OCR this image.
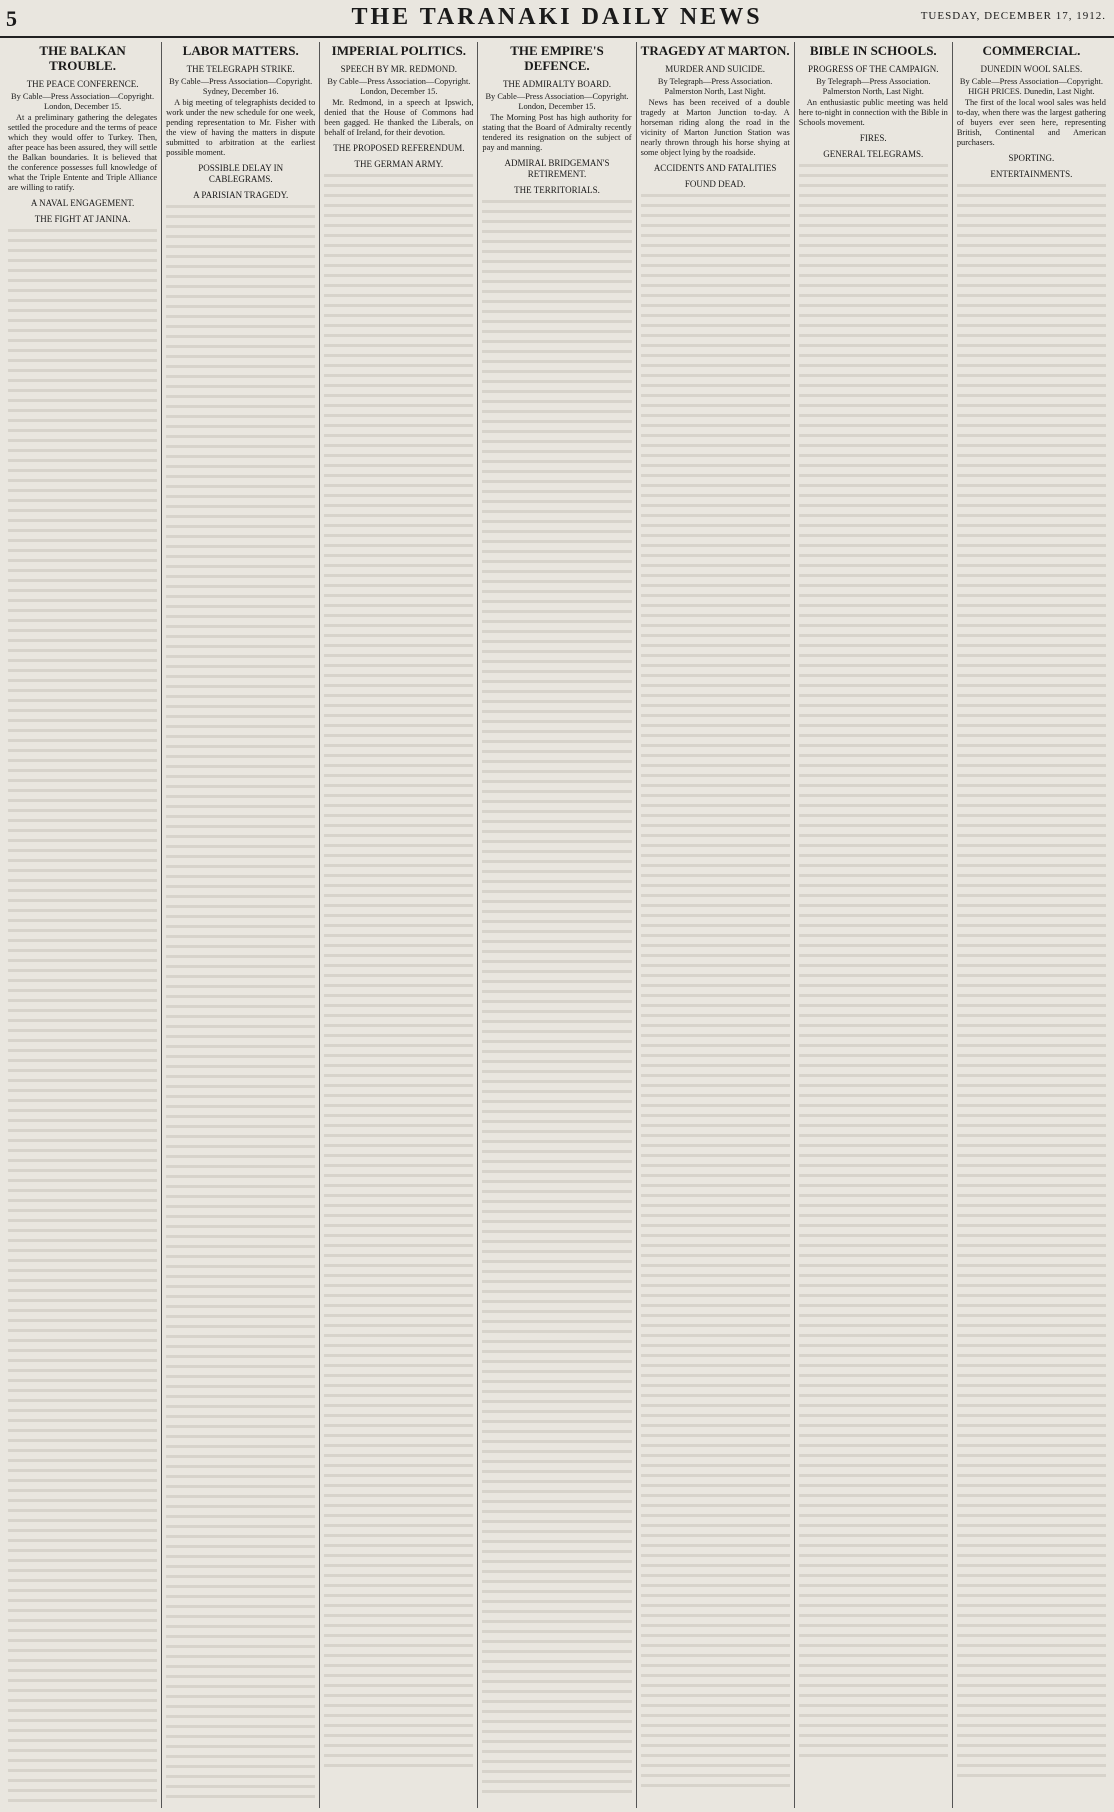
5	THE TARANAKI DAILY NEWS	TUESDAY, DECEMBER 17, 1912.
THE BALKAN TROUBLE.
THE PEACE CONFERENCE.
By Cable—Press Association—Copyright. London, December 15.
At a preliminary gathering the delegates settled the procedure and the terms of peace which they would offer to Turkey. Then, after peace has been assured, they will settle the Balkan boundaries. It is believed that the conference possesses full knowledge of what the Triple Entente and Triple Alliance are willing to ratify.
A NAVAL ENGAGEMENT.
THE FIGHT AT JANINA.
LABOR MATTERS.
THE TELEGRAPH STRIKE.
By Cable—Press Association—Copyright. Sydney, December 16.
A big meeting of telegraphists decided to work under the new schedule for one week, pending representation to Mr. Fisher with the view of having the matters in dispute submitted to arbitration at the earliest possible moment.
POSSIBLE DELAY IN CABLEGRAMS.
A PARISIAN TRAGEDY.
IMPERIAL POLITICS.
SPEECH BY MR. REDMOND.
By Cable—Press Association—Copyright. London, December 15.
Mr. Redmond, in a speech at Ipswich, denied that the House of Commons had been gagged. He thanked the Liberals, on behalf of Ireland, for their devotion.
THE PROPOSED REFERENDUM.
THE GERMAN ARMY.
THE EMPIRE'S DEFENCE.
THE ADMIRALTY BOARD.
By Cable—Press Association—Copyright. London, December 15.
The Morning Post has high authority for stating that the Board of Admiralty recently tendered its resignation on the subject of pay and manning.
ADMIRAL BRIDGEMAN'S RETIREMENT.
THE TERRITORIALS.
TRAGEDY AT MARTON.
MURDER AND SUICIDE.
By Telegraph—Press Association. Palmerston North, Last Night.
News has been received of a double tragedy at Marton Junction to-day. A horseman riding along the road in the vicinity of Marton Junction Station was nearly thrown through his horse shying at some object lying by the roadside.
ACCIDENTS AND FATALITIES
FOUND DEAD.
BIBLE IN SCHOOLS.
PROGRESS OF THE CAMPAIGN.
By Telegraph—Press Association. Palmerston North, Last Night.
An enthusiastic public meeting was held here to-night in connection with the Bible in Schools movement.
FIRES.
GENERAL TELEGRAMS.
COMMERCIAL.
DUNEDIN WOOL SALES.
By Cable—Press Association—Copyright. HIGH PRICES. Dunedin, Last Night.
The first of the local wool sales was held to-day, when there was the largest gathering of buyers ever seen here, representing British, Continental and American purchasers.
SPORTING.
ENTERTAINMENTS.
